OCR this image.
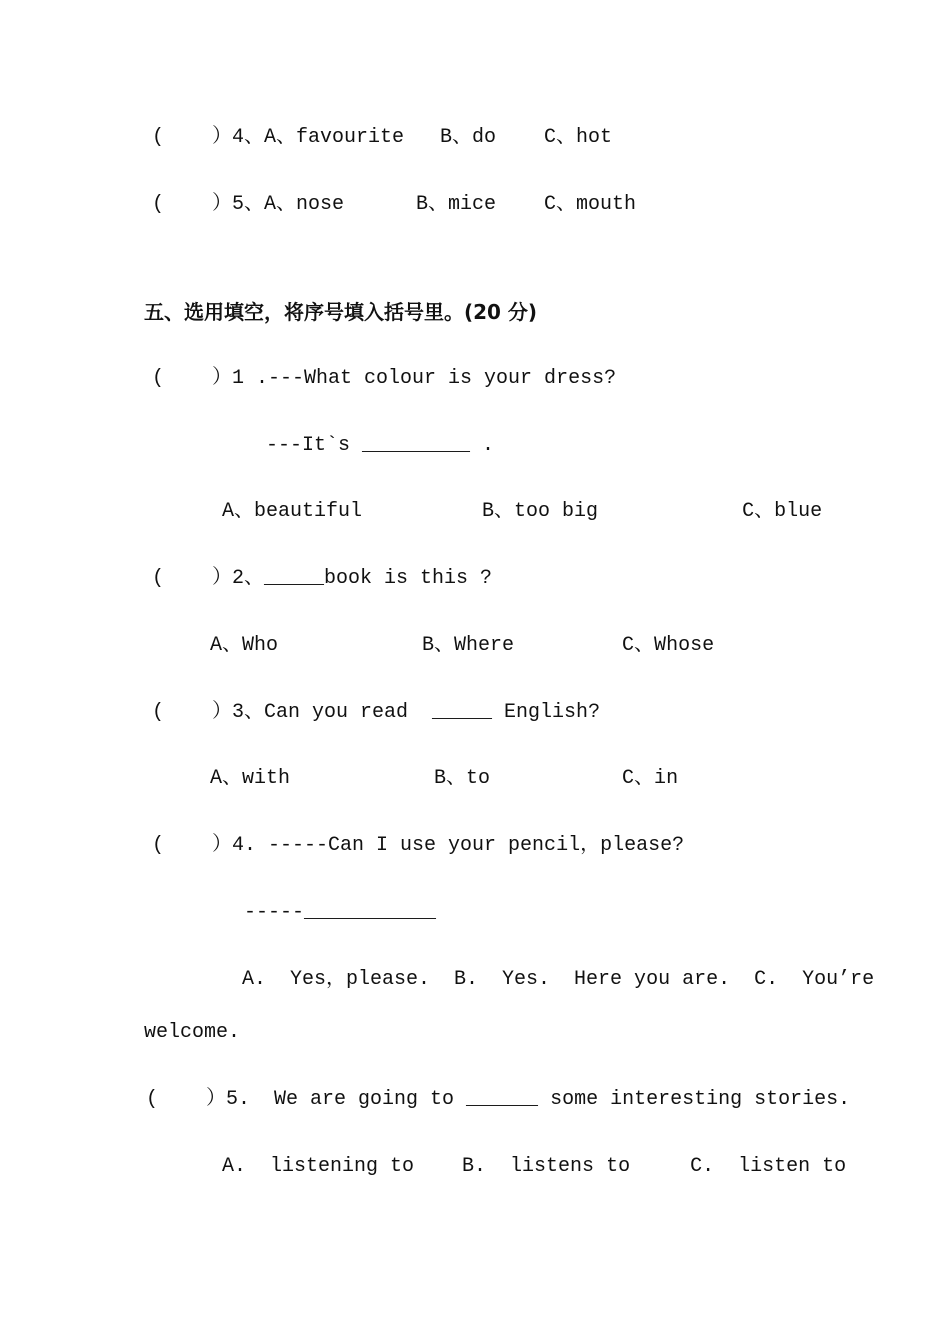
(    ）4、A、favourite   B、do    C、hot
(    ）5、A、nose      B、mice    C、mouth
五、选用填空，将序号填入括号里。(20 分)
(    ）1 .---What colour is your dress?
---It`s _________ .
A、beautiful          B、too big            C、blue
(    ）2、_____book is this ?
A、Who            B、Where         C、Whose
(    ）3、Can you read  _____ English?
A、with            B、to           C、in
(    ）4. -----Can I use your pencil，please?
-----___________
A.  Yes，please.  B.  Yes.  Here you are.  C.  You’re
welcome.
(    ）5.  We are going to ______ some interesting stories.
A.  listening to    B.  listens to     C.  listen to
